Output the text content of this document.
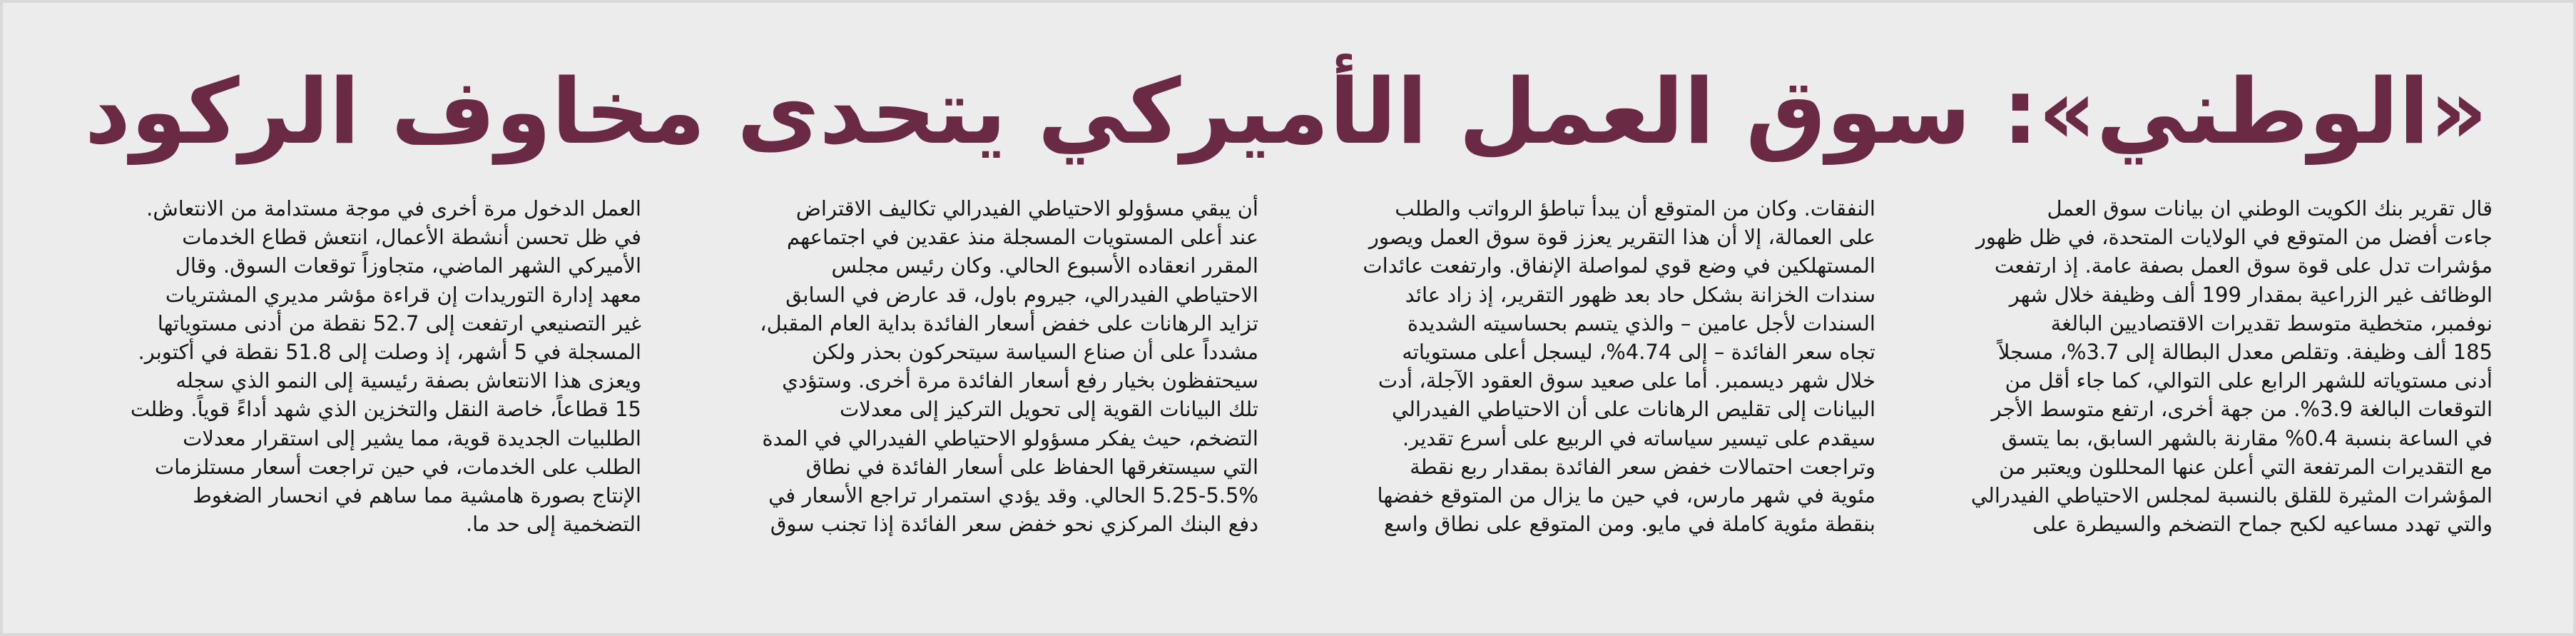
«الوطني»: سوق العمل الأميركي يتحدى مخاوف الركود
قال تقرير بنك الكويت الوطني ان بيانات سوق العمل
جاءت أفضل من المتوقع في الولايات المتحدة، في ظل ظهور
مؤشرات تدل على قوة سوق العمل بصفة عامة. إذ ارتفعت
الوظائف غير الزراعية بمقدار 199 ألف وظيفة خلال شهر
نوفمبر، متخطية متوسط تقديرات الاقتصاديين البالغة
185 ألف وظيفة. وتقلص معدل البطالة إلى 3.7%، مسجلاً
أدنى مستوياته للشهر الرابع على التوالي، كما جاء أقل من
التوقعات البالغة 3.9%. من جهة أخرى، ارتفع متوسط الأجر
في الساعة بنسبة 0.4% مقارنة بالشهر السابق، بما يتسق
مع التقديرات المرتفعة التي أعلن عنها المحللون ويعتبر من
المؤشرات المثيرة للقلق بالنسبة لمجلس الاحتياطي الفيدرالي
والتي تهدد مساعيه لكبح جماح التضخم والسيطرة على
النفقات. وكان من المتوقع أن يبدأ تباطؤ الرواتب والطلب
على العمالة، إلا أن هذا التقرير يعزز قوة سوق العمل ويصور
المستهلكين في وضع قوي لمواصلة الإنفاق. وارتفعت عائدات
سندات الخزانة بشكل حاد بعد ظهور التقرير، إذ زاد عائد
السندات لأجل عامين – والذي يتسم بحساسيته الشديدة
تجاه سعر الفائدة – إلى 4.74%، ليسجل أعلى مستوياته
خلال شهر ديسمبر. أما على صعيد سوق العقود الآجلة، أدت
البيانات إلى تقليص الرهانات على أن الاحتياطي الفيدرالي
سيقدم على تيسير سياساته في الربيع على أسرع تقدير.
وتراجعت احتمالات خفض سعر الفائدة بمقدار ربع نقطة
مئوية في شهر مارس، في حين ما يزال من المتوقع خفضها
بنقطة مئوية كاملة في مايو. ومن المتوقع على نطاق واسع
أن يبقي مسؤولو الاحتياطي الفيدرالي تكاليف الاقتراض
عند أعلى المستويات المسجلة منذ عقدين في اجتماعهم
المقرر انعقاده الأسبوع الحالي. وكان رئيس مجلس
الاحتياطي الفيدرالي، جيروم باول، قد عارض في السابق
تزايد الرهانات على خفض أسعار الفائدة بداية العام المقبل،
مشدداً على أن صناع السياسة سيتحركون بحذر ولكن
سيحتفظون بخيار رفع أسعار الفائدة مرة أخرى. وستؤدي
تلك البيانات القوية إلى تحويل التركيز إلى معدلات
التضخم، حيث يفكر مسؤولو الاحتياطي الفيدرالي في المدة
التي سيستغرقها الحفاظ على أسعار الفائدة في نطاق
5.25-5.5% الحالي. وقد يؤدي استمرار تراجع الأسعار في
دفع البنك المركزي نحو خفض سعر الفائدة إذا تجنب سوق
العمل الدخول مرة أخرى في موجة مستدامة من الانتعاش.
في ظل تحسن أنشطة الأعمال، انتعش قطاع الخدمات
الأميركي الشهر الماضي، متجاوزاً توقعات السوق. وقال
معهد إدارة التوريدات إن قراءة مؤشر مديري المشتريات
غير التصنيعي ارتفعت إلى 52.7 نقطة من أدنى مستوياتها
المسجلة في 5 أشهر، إذ وصلت إلى 51.8 نقطة في أكتوبر.
ويعزى هذا الانتعاش بصفة رئيسية إلى النمو الذي سجله
15 قطاعاً، خاصة النقل والتخزين الذي شهد أداءً قوياً. وظلت
الطلبيات الجديدة قوية، مما يشير إلى استقرار معدلات
الطلب على الخدمات، في حين تراجعت أسعار مستلزمات
الإنتاج بصورة هامشية مما ساهم في انحسار الضغوط
التضخمية إلى حد ما.
